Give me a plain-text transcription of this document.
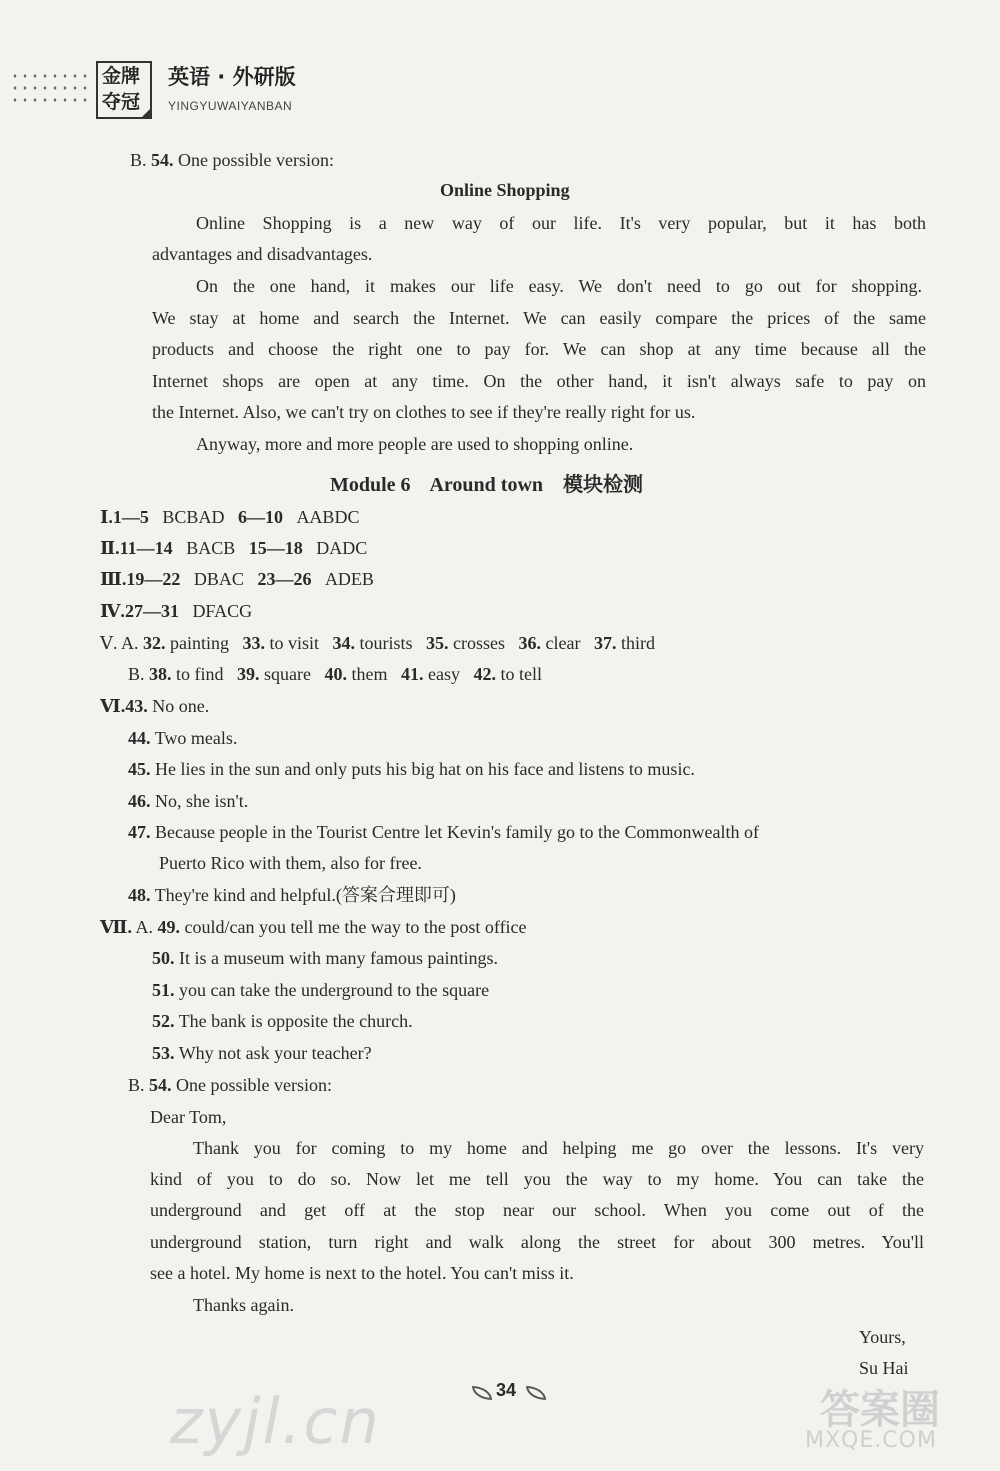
金牌
夺冠
英语 · 外研版
YINGYUWAIYANBAN
B. 54. One possible version:
Online Shopping
Online Shopping is a new way of our life. It's very popular, but it has both
advantages and disadvantages.
On the one hand, it makes our life easy. We don't need to go out for shopping.
We stay at home and search the Internet. We can easily compare the prices of the same
products and choose the right one to pay for. We can shop at any time because all the
Internet shops are open at any time. On the other hand, it isn't always safe to pay on
the Internet. Also, we can't try on clothes to see if they're really right for us.
Anyway, more and more people are used to shopping online.
Module 6    Around town    模块检测
Ⅰ.1—5 BCBAD 6—10 AABDC
Ⅱ.11—14 BACB 15—18 DADC
Ⅲ.19—22 DBAC 23—26 ADEB
Ⅳ.27—31 DFACG
Ⅴ. A. 32. painting 33. to visit 34. tourists 35. crosses 36. clear 37. third
B. 38. to find 39. square 40. them 41. easy 42. to tell
Ⅵ.43. No one.
44. Two meals.
45. He lies in the sun and only puts his big hat on his face and listens to music.
46. No, she isn't.
47. Because people in the Tourist Centre let Kevin's family go to the Commonwealth of
Puerto Rico with them, also for free.
48. They're kind and helpful.(答案合理即可)
Ⅶ. A. 49. could/can you tell me the way to the post office
50. It is a museum with many famous paintings.
51. you can take the underground to the square
52. The bank is opposite the church.
53. Why not ask your teacher?
B. 54. One possible version:
Dear Tom,
Thank you for coming to my home and helping me go over the lessons. It's very
kind of you to do so. Now let me tell you the way to my home. You can take the
underground and get off at the stop near our school. When you come out of the
underground station, turn right and walk along the street for about 300 metres. You'll
see a hotel. My home is next to the hotel. You can't miss it.
Thanks again.
Yours,
Su Hai
zyjl.cn	答案圈
MXQE.COM
34
